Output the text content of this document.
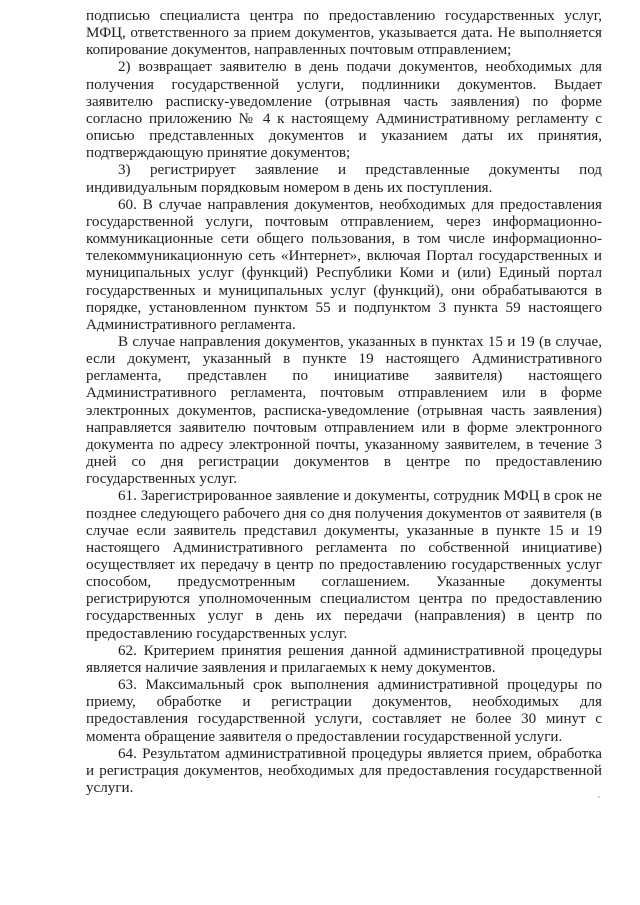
подписью специалиста центра по предоставлению государственных услуг, МФЦ, ответственного за прием документов, указывается дата. Не выполняется копирование документов, направленных почтовым отправлением;

2) возвращает заявителю в день подачи документов, необходимых для получения государственной услуги, подлинники документов. Выдает заявителю расписку-уведомление (отрывная часть заявления) по форме согласно приложению № 4 к настоящему Административному регламенту с описью представленных документов и указанием даты их принятия, подтверждающую принятие документов;

3) регистрирует заявление и представленные документы под индивидуальным порядковым номером в день их поступления.

60. В случае направления документов, необходимых для предоставления государственной услуги, почтовым отправлением, через информационно-коммуникационные сети общего пользования, в том числе информационно-телекоммуникационную сеть «Интернет», включая Портал государственных и муниципальных услуг (функций) Республики Коми и (или) Единый портал государственных и муниципальных услуг (функций), они обрабатываются в порядке, установленном пунктом 55 и подпунктом 3 пункта 59 настоящего Административного регламента.

В случае направления документов, указанных в пунктах 15 и 19 (в случае, если документ, указанный в пункте 19 настоящего Административного регламента, представлен по инициативе заявителя) настоящего Административного регламента, почтовым отправлением или в форме электронных документов, расписка-уведомление (отрывная часть заявления) направляется заявителю почтовым отправлением или в форме электронного документа по адресу электронной почты, указанному заявителем, в течение 3 дней со дня регистрации документов в центре по предоставлению государственных услуг.

61. Зарегистрированное заявление и документы, сотрудник МФЦ в срок не позднее следующего рабочего дня со дня получения документов от заявителя (в случае если заявитель представил документы, указанные в пункте 15 и 19 настоящего Административного регламента по собственной инициативе) осуществляет их передачу в центр по предоставлению государственных услуг способом, предусмотренным соглашением. Указанные документы регистрируются уполномоченным специалистом центра по предоставлению государственных услуг в день их передачи (направления) в центр по предоставлению государственных услуг.

62. Критерием принятия решения данной административной процедуры является наличие заявления и прилагаемых к нему документов.

63. Максимальный срок выполнения административной процедуры по приему, обработке и регистрации документов, необходимых для предоставления государственной услуги, составляет не более 30 минут с момента обращение заявителя о предоставлении государственной услуги.

64. Результатом административной процедуры является прием, обработка и регистрация документов, необходимых для предоставления государственной услуги.
